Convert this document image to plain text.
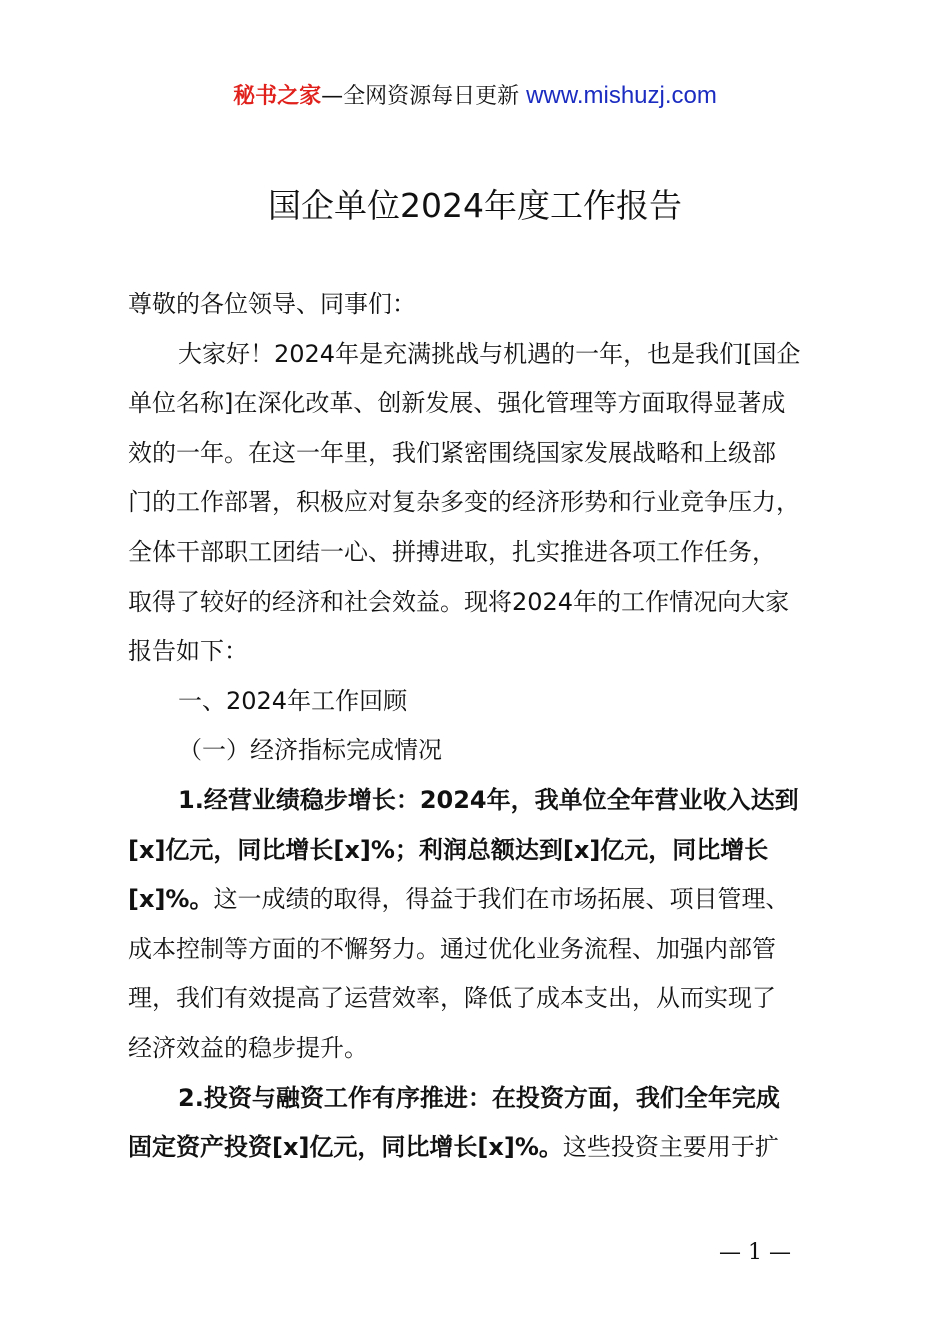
秘书之家—全网资源每日更新 www.mishuzj.com
国企单位2024年度工作报告
尊敬的各位领导、同事们：
大家好！2024年是充满挑战与机遇的一年，也是我们[国企
单位名称]在深化改革、创新发展、强化管理等方面取得显著成
效的一年。在这一年里，我们紧密围绕国家发展战略和上级部
门的工作部署，积极应对复杂多变的经济形势和行业竞争压力，
全体干部职工团结一心、拼搏进取，扎实推进各项工作任务，
取得了较好的经济和社会效益。现将2024年的工作情况向大家
报告如下：
一、2024年工作回顾
（一）经济指标完成情况
1.经营业绩稳步增长：2024年，我单位全年营业收入达到
[x]亿元，同比增长[x]%；利润总额达到[x]亿元，同比增长
[x]%。这一成绩的取得，得益于我们在市场拓展、项目管理、
成本控制等方面的不懈努力。通过优化业务流程、加强内部管
理，我们有效提高了运营效率，降低了成本支出，从而实现了
经济效益的稳步提升。
2.投资与融资工作有序推进：在投资方面，我们全年完成
固定资产投资[x]亿元，同比增长[x]%。这些投资主要用于扩
— 1 —
